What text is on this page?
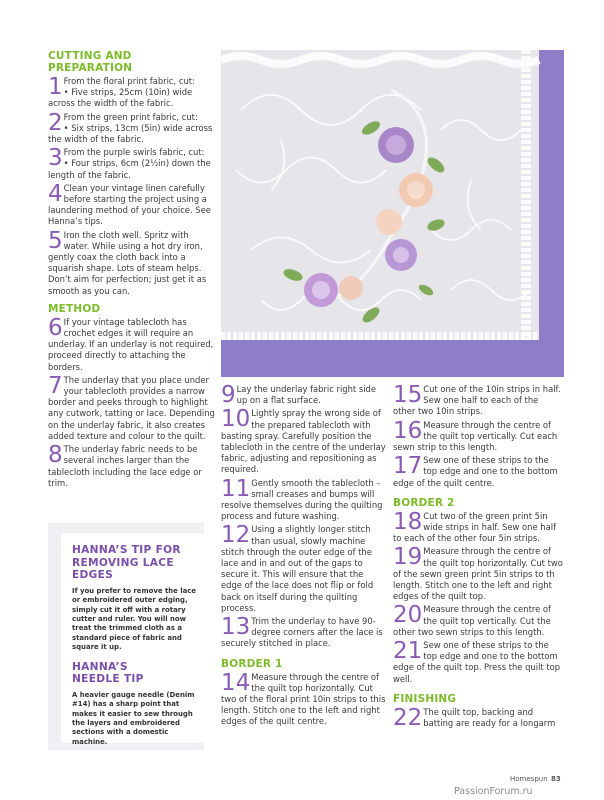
CUTTING AND PREPARATION
1 From the floral print fabric, cut:
• Five strips, 25cm (10in) wide across the width of the fabric.

2 From the green print fabric, cut:
• Six strips, 13cm (5in) wide across the width of the fabric.

3 From the purple swirls fabric, cut:
• Four strips, 6cm (2½in) down the length of the fabric.

4 Clean your vintage linen carefully before starting the project using a laundering method of your choice. See Hanna’s tips.

5 Iron the cloth well. Spritz with water. While using a hot dry iron, gently coax the cloth back into a squarish shape. Lots of steam helps. Don’t aim for perfection; just get it as smooth as you can.

METHOD
6 If your vintage tablecloth has crochet edges it will require an underlay. If an underlay is not required, proceed directly to attaching the borders.

7 The underlay that you place under your tablecloth provides a narrow border and peeks through to highlight any cutwork, tatting or lace. Depending on the underlay fabric, it also creates added texture and colour to the quilt.

8 The underlay fabric needs to be several inches larger than the tablecloth including the lace edge or trim.

HANNA’S TIP FOR REMOVING LACE EDGES
If you prefer to remove the lace or embroidered outer edging, simply cut it off with a rotary cutter and ruler. You will now treat the trimmed cloth as a standard piece of fabric and square it up.
HANNA’S NEEDLE TIP
A heavier gauge needle (Denim #14) has a sharp point that makes it easier to sew through the layers and embroidered sections with a domestic machine.
9 Lay the underlay fabric right side up on a flat surface.

10 Lightly spray the wrong side of the prepared tablecloth with basting spray. Carefully position the tablecloth in the centre of the underlay fabric, adjusting and repositioning as required.

11 Gently smooth the tablecloth – small creases and bumps will resolve themselves during the quilting process and future washing.

12 Using a slightly longer stitch than usual, slowly machine stitch through the outer edge of the lace and in and out of the gaps to secure it. This will ensure that the edge of the lace does not flip or fold back on itself during the quilting process.

13 Trim the underlay to have 90-degree corners after the lace is securely stitched in place.

BORDER 1
14 Measure through the centre of the quilt top horizontally. Cut two of the floral print 10in strips to this length. Stitch one to the left and right edges of the quilt centre.

15 Cut one of the 10in strips in half. Sew one half to each of the other two 10in strips.

16 Measure through the centre of the quilt top vertically. Cut each sewn strip to this length.

17 Sew one of these strips to the top edge and one to the bottom edge of the quilt centre.

BORDER 2
18 Cut two of the green print 5in wide strips in half. Sew one half to each of the other four 5in strips.

19 Measure through the centre of the quilt top horizontally. Cut two of the sewn green print 5in strips to th length. Stitch one to the left and right edges of the quilt top.

20 Measure through the centre of the quilt top vertically. Cut the other two sewn strips to this length.

21 Sew one of these strips to the top edge and one to the bottom edge of the quilt top. Press the quilt top well.

FINISHING
22 The quilt top, backing and batting are ready for a longarm

Homespun 83
PassionForum.ru
